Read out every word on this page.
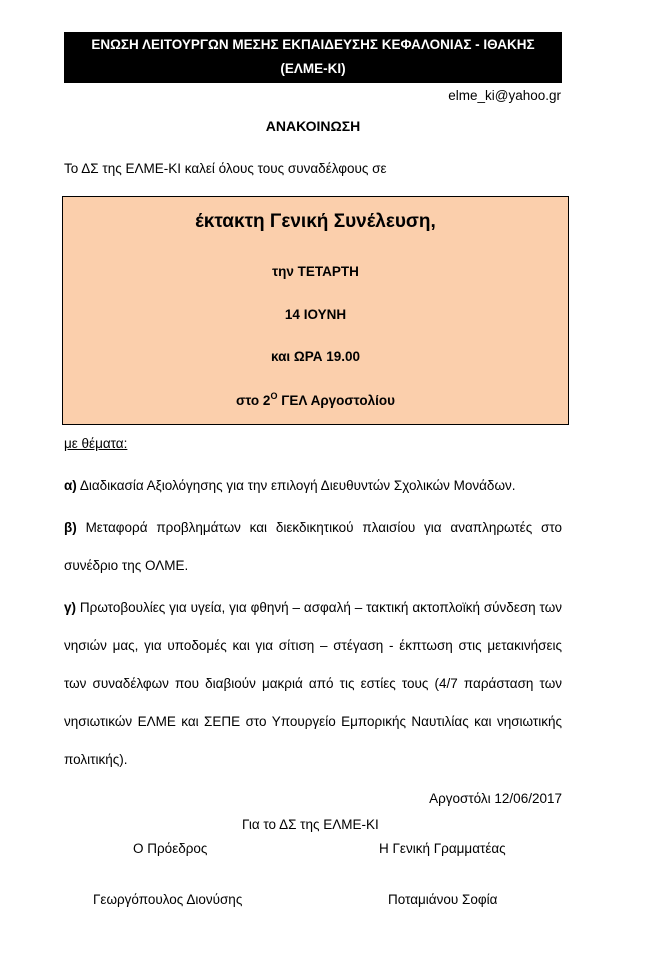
ΕΝΩΣΗ ΛΕΙΤΟΥΡΓΩΝ ΜΕΣΗΣ ΕΚΠΑΙΔΕΥΣΗΣ ΚΕΦΑΛΟΝΙΑΣ - ΙΘΑΚΗΣ
(ΕΛΜΕ-ΚΙ)
elme_ki@yahoo.gr
ΑΝΑΚΟΙΝΩΣΗ
Το ΔΣ της ΕΛΜΕ-ΚΙ καλεί όλους τους συναδέλφους σε
έκτακτη Γενική Συνέλευση,
την ΤΕΤΑΡΤΗ
14 ΙΟΥΝΗ
και ΩΡΑ 19.00
στο $2^O$ ΓΕΛ Αργοστολίου
με θέματα:
α) Διαδικασία Αξιολόγησης για την επιλογή Διευθυντών Σχολικών Μονάδων.
β) Μεταφορά προβλημάτων και διεκδικητικού πλαισίου για αναπληρωτές στο συνέδριο της ΟΛΜΕ.
γ) Πρωτοβουλίες για υγεία, για φθηνή – ασφαλή – τακτική ακτοπλοϊκή σύνδεση των νησιών μας, για υποδομές και για σίτιση – στέγαση - έκπτωση στις μετακινήσεις των συναδέλφων που διαβιούν μακριά από τις εστίες τους (4/7 παράσταση των νησιωτικών ΕΛΜΕ και ΣΕΠΕ στο Υπουργείο Εμπορικής Ναυτιλίας και νησιωτικής πολιτικής).
Αργοστόλι 12/06/2017
Για το ΔΣ της ΕΛΜΕ-ΚΙ
Ο Πρόεδρος	Η Γενική Γραμματέας
Γεωργόπουλος Διονύσης	Ποταμιάνου Σοφία
